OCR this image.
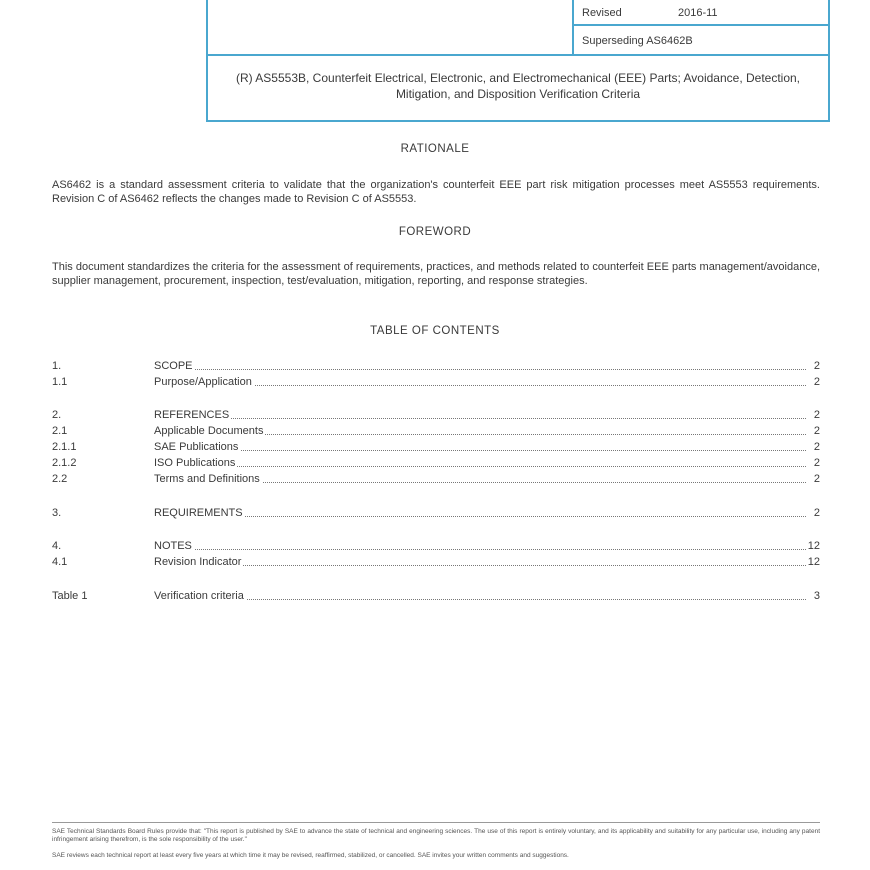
Revised	2016-11
Superseding AS6462B
(R) AS5553B, Counterfeit Electrical, Electronic, and Electromechanical (EEE) Parts; Avoidance, Detection, Mitigation, and Disposition Verification Criteria
RATIONALE
AS6462 is a standard assessment criteria to validate that the organization's counterfeit EEE part risk mitigation processes meet AS5553 requirements. Revision C of AS6462 reflects the changes made to Revision C of AS5553.
FOREWORD
This document standardizes the criteria for the assessment of requirements, practices, and methods related to counterfeit EEE parts management/avoidance, supplier management, procurement, inspection, test/evaluation, mitigation, reporting, and response strategies.
TABLE OF CONTENTS
1.	SCOPE	2
1.1	Purpose/Application	2
2.	REFERENCES	2
2.1	Applicable Documents	2
2.1.1	SAE Publications	2
2.1.2	ISO Publications	2
2.2	Terms and Definitions	2
3.	REQUIREMENTS	2
4.	NOTES	12
4.1	Revision Indicator	12
Table 1	Verification criteria	3
SAE Technical Standards Board Rules provide that: "This report is published by SAE to advance the state of technical and engineering sciences. The use of this report is entirely voluntary, and its applicability and suitability for any particular use, including any patent infringement arising therefrom, is the sole responsibility of the user."
SAE reviews each technical report at least every five years at which time it may be revised, reaffirmed, stabilized, or cancelled. SAE invites your written comments and suggestions.
